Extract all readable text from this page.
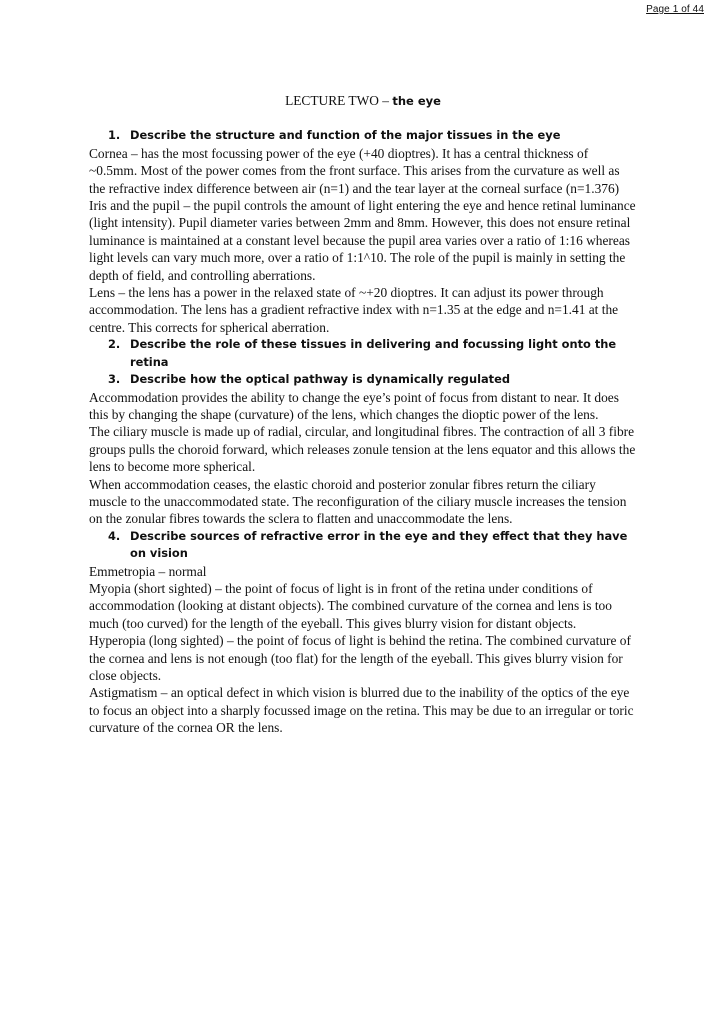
Page 1 of 44
LECTURE TWO – the eye
1. Describe the structure and function of the major tissues in the eye

Cornea – has the most focussing power of the eye (+40 dioptres). It has a central thickness of ~0.5mm. Most of the power comes from the front surface. This arises from the curvature as well as the refractive index difference between air (n=1) and the tear layer at the corneal surface (n=1.376)

Iris and the pupil – the pupil controls the amount of light entering the eye and hence retinal luminance (light intensity). Pupil diameter varies between 2mm and 8mm. However, this does not ensure retinal luminance is maintained at a constant level because the pupil area varies over a ratio of 1:16 whereas light levels can vary much more, over a ratio of 1:1^10. The role of the pupil is mainly in setting the depth of field, and controlling aberrations.

Lens – the lens has a power in the relaxed state of ~+20 dioptres. It can adjust its power through accommodation. The lens has a gradient refractive index with n=1.35 at the edge and n=1.41 at the centre. This corrects for spherical aberration.

2. Describe the role of these tissues in delivering and focussing light onto the retina
3. Describe how the optical pathway is dynamically regulated

Accommodation provides the ability to change the eye’s point of focus from distant to near. It does this by changing the shape (curvature) of the lens, which changes the dioptic power of the lens.

The ciliary muscle is made up of radial, circular, and longitudinal fibres. The contraction of all 3 fibre groups pulls the choroid forward, which releases zonule tension at the lens equator and this allows the lens to become more spherical.

When accommodation ceases, the elastic choroid and posterior zonular fibres return the ciliary muscle to the unaccommodated state. The reconfiguration of the ciliary muscle increases the tension on the zonular fibres towards the sclera to flatten and unaccommodate the lens.

4. Describe sources of refractive error in the eye and they effect that they have on vision

Emmetropia – normal

Myopia (short sighted) – the point of focus of light is in front of the retina under conditions of accommodation (looking at distant objects). The combined curvature of the cornea and lens is too much (too curved) for the length of the eyeball. This gives blurry vision for distant objects.

Hyperopia (long sighted) – the point of focus of light is behind the retina. The combined curvature of the cornea and lens is not enough (too flat) for the length of the eyeball. This gives blurry vision for close objects.

Astigmatism – an optical defect in which vision is blurred due to the inability of the optics of the eye to focus an object into a sharply focussed image on the retina. This may be due to an irregular or toric curvature of the cornea OR the lens.
